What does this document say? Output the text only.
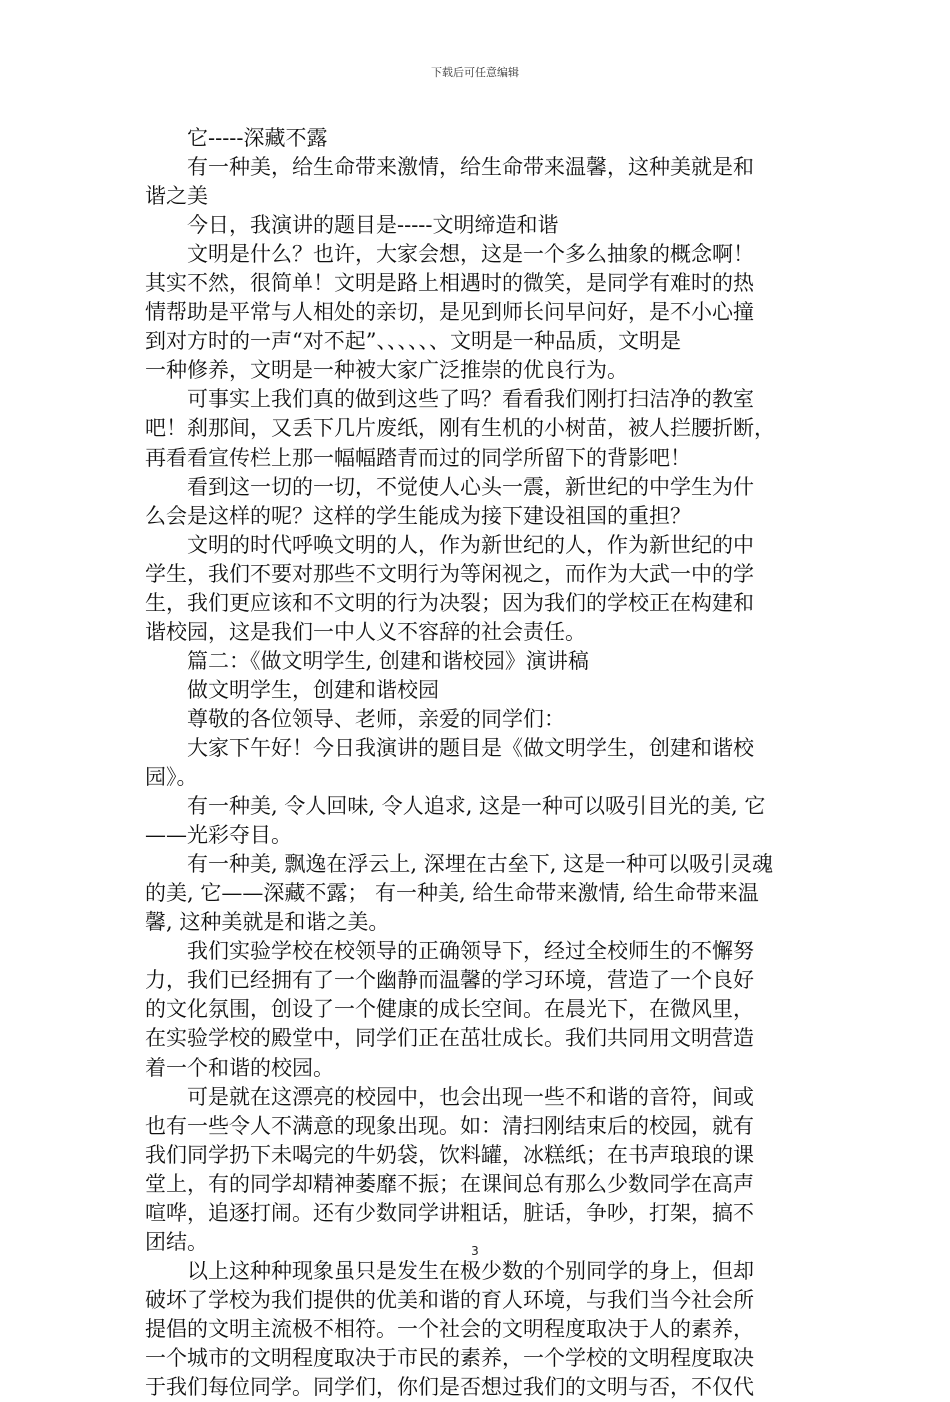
下载后可任意编辑
它-----深藏不露
有一种美，给生命带来激情，给生命带来温馨，这种美就是和
谐之美
今日，我演讲的题目是-----文明缔造和谐
文明是什么？也许，大家会想，这是一个多么抽象的概念啊！
其实不然，很简单！文明是路上相遇时的微笑，是同学有难时的热
情帮助是平常与人相处的亲切，是见到师长问早问好，是不小心撞
到对方时的一声“对不起”、、、、、、文明是一种品质，文明是
一种修养，文明是一种被大家广泛推崇的优良行为。
可事实上我们真的做到这些了吗？看看我们刚打扫洁净的教室
吧！刹那间，又丢下几片废纸，刚有生机的小树苗，被人拦腰折断，
再看看宣传栏上那一幅幅踏青而过的同学所留下的背影吧！
看到这一切的一切，不觉使人心头一震，新世纪的中学生为什
么会是这样的呢？这样的学生能成为接下建设祖国的重担？
文明的时代呼唤文明的人，作为新世纪的人，作为新世纪的中
学生，我们不要对那些不文明行为等闲视之，而作为大武一中的学
生，我们更应该和不文明的行为决裂；因为我们的学校正在构建和
谐校园，这是我们一中人义不容辞的社会责任。
篇二：《做文明学生, 创建和谐校园》演讲稿
做文明学生，创建和谐校园
尊敬的各位领导、老师，亲爱的同学们：
大家下午好！今日我演讲的题目是《做文明学生，创建和谐校
园》。
有一种美, 令人回味, 令人追求, 这是一种可以吸引目光的美, 它
——光彩夺目。
有一种美, 飘逸在浮云上, 深埋在古垒下, 这是一种可以吸引灵魂
的美, 它——深藏不露； 有一种美, 给生命带来激情, 给生命带来温
馨, 这种美就是和谐之美。
我们实验学校在校领导的正确领导下，经过全校师生的不懈努
力，我们已经拥有了一个幽静而温馨的学习环境，营造了一个良好
的文化氛围，创设了一个健康的成长空间。在晨光下，在微风里，
在实验学校的殿堂中，同学们正在茁壮成长。我们共同用文明营造
着一个和谐的校园。
可是就在这漂亮的校园中，也会出现一些不和谐的音符，间或
也有一些令人不满意的现象出现。如：清扫刚结束后的校园，就有
我们同学扔下未喝完的牛奶袋，饮料罐，冰糕纸；在书声琅琅的课
堂上，有的同学却精神萎靡不振；在课间总有那么少数同学在高声
喧哗，追逐打闹。还有少数同学讲粗话，脏话，争吵，打架，搞不
团结。
以上这种种现象虽只是发生在极少数的个别同学的身上，但却
破坏了学校为我们提供的优美和谐的育人环境，与我们当今社会所
提倡的文明主流极不相符。一个社会的文明程度取决于人的素养，
一个城市的文明程度取决于市民的素养，一个学校的文明程度取决
于我们每位同学。同学们，你们是否想过我们的文明与否，不仅代
3
